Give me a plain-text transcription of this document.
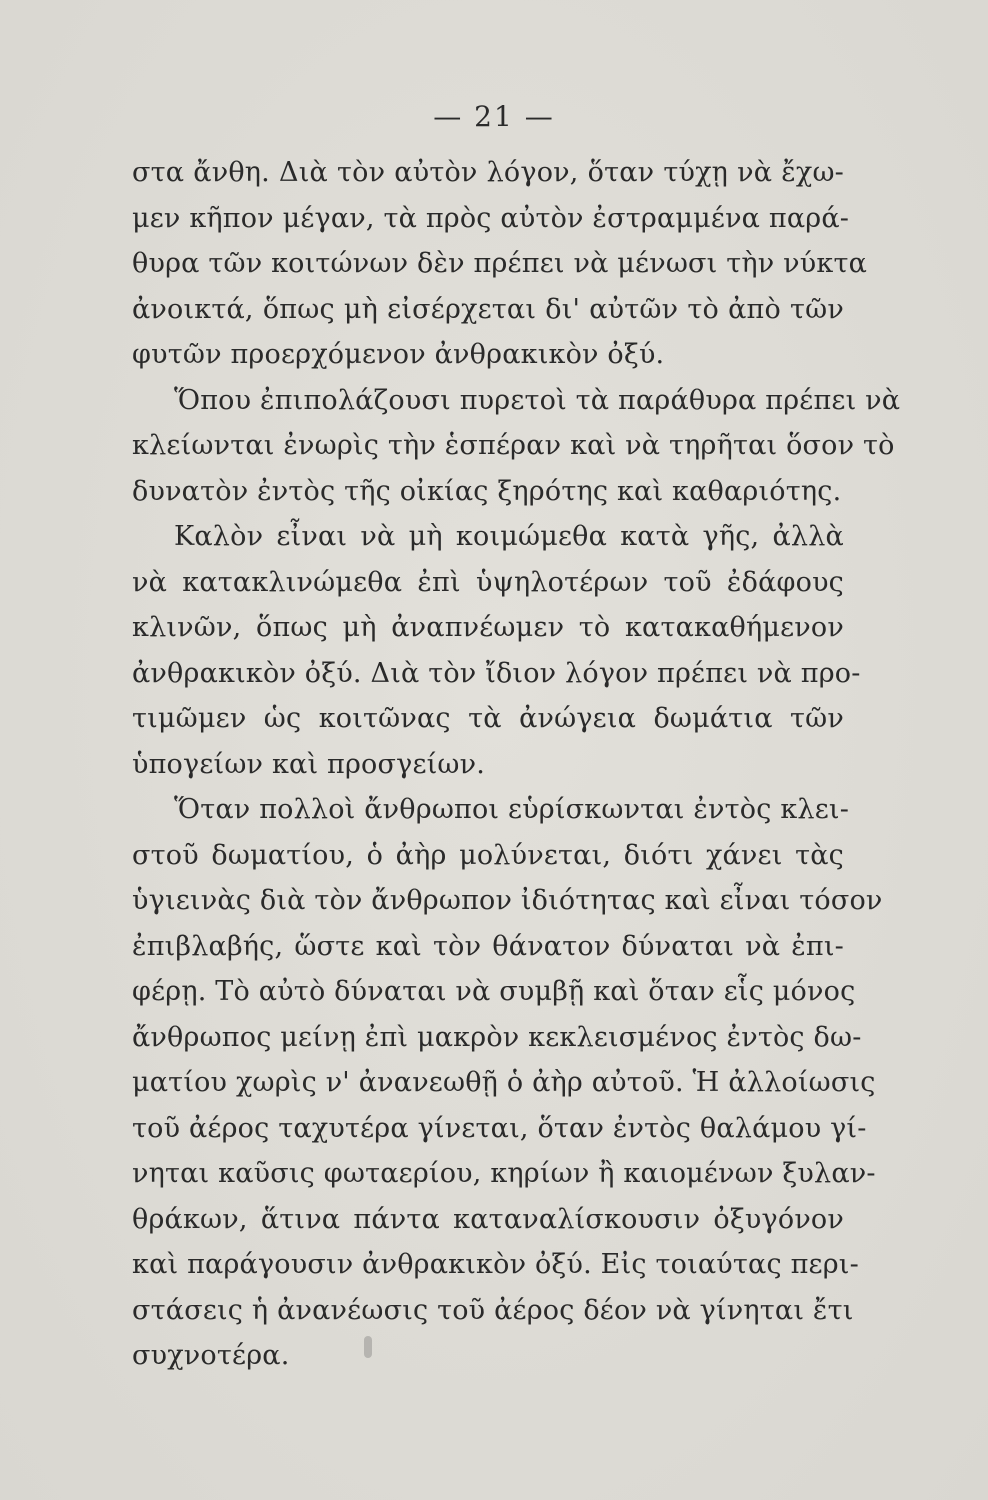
— 21 —
στα ἄνθη. Διὰ τὸν αὐτὸν λόγον, ὅταν τύχῃ νὰ ἔχω-
μεν κῆπον μέγαν, τὰ πρὸς αὐτὸν ἐστραμμένα παρά-
θυρα τῶν κοιτώνων δὲν πρέπει νὰ μένωσι τὴν νύκτα
ἀνοικτά, ὅπως μὴ εἰσέρχεται δι' αὐτῶν τὸ ἀπὸ τῶν
φυτῶν προερχόμενον ἀνθρακικὸν ὀξύ.
Ὅπου ἐπιπολάζουσι πυρετοὶ τὰ παράθυρα πρέπει νὰ
κλείωνται ἐνωρὶς τὴν ἑσπέραν καὶ νὰ τηρῆται ὅσον τὸ
δυνατὸν ἐντὸς τῆς οἰκίας ξηρότης καὶ καθαριότης.
Καλὸν εἶναι νὰ μὴ κοιμώμεθα κατὰ γῆς, ἀλλὰ
νὰ κατακλινώμεθα ἐπὶ ὑψηλοτέρων τοῦ ἐδάφους
κλινῶν, ὅπως μὴ ἀναπνέωμεν τὸ κατακαθήμενον
ἀνθρακικὸν ὀξύ. Διὰ τὸν ἴδιον λόγον πρέπει νὰ προ-
τιμῶμεν ὡς κοιτῶνας τὰ ἀνώγεια δωμάτια τῶν
ὑπογείων καὶ προσγείων.
Ὅταν πολλοὶ ἄνθρωποι εὑρίσκωνται ἐντὸς κλει-
στοῦ δωματίου, ὁ ἀὴρ μολύνεται, διότι χάνει τὰς
ὑγιεινὰς διὰ τὸν ἄνθρωπον ἰδιότητας καὶ εἶναι τόσον
ἐπιβλαβής, ὥστε καὶ τὸν θάνατον δύναται νὰ ἐπι-
φέρῃ. Τὸ αὐτὸ δύναται νὰ συμβῇ καὶ ὅταν εἷς μόνος
ἄνθρωπος μείνῃ ἐπὶ μακρὸν κεκλεισμένος ἐντὸς δω-
ματίου χωρὶς ν' ἀνανεωθῇ ὁ ἀὴρ αὐτοῦ. Ἡ ἀλλοίωσις
τοῦ ἀέρος ταχυτέρα γίνεται, ὅταν ἐντὸς θαλάμου γί-
νηται καῦσις φωταερίου, κηρίων ἢ καιομένων ξυλαν-
θράκων, ἅτινα πάντα καταναλίσκουσιν ὀξυγόνον
καὶ παράγουσιν ἀνθρακικὸν ὀξύ. Εἰς τοιαύτας περι-
στάσεις ἡ ἀνανέωσις τοῦ ἀέρος δέον νὰ γίνηται ἔτι
συχνοτέρα.
